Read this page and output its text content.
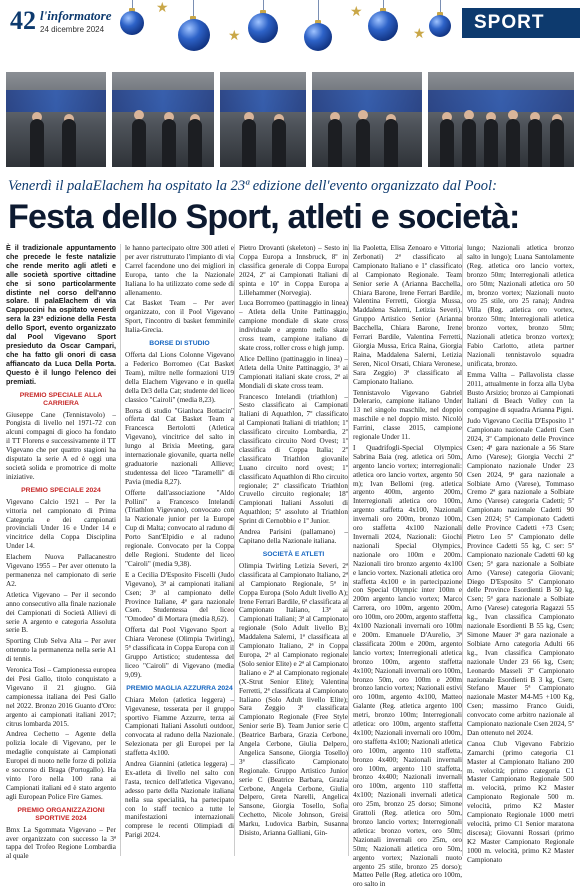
42 l'informatore
24 dicembre 2024
★
★
★
★
SPORT
Venerdì il palaElachem ha ospitato la 23ª edizione dell'evento organizzato dal Pool:
Festa dello Sport, atleti e società:

È il tradizionale appuntamento che precede le feste natalizie che rende merito agli atleti e alle società sportive cittadine che si sono particolarmente distinte nel corso dell'anno solare. Il palaElachem di via Cappuccini ha ospitato venerdì sera la 23ª edizione della Festa dello Sport, evento organizzato dal Pool Vigevano Sport presieduto da Oscar Campari, che ha fatto gli onori di casa affiancato da Luca Della Porta. Questo è il lungo l'elenco dei premiati.

PREMIO SPECIALE ALLA CARRIERA

Giuseppe Cane (Tennistavolo) – Pongista di livello nel 1971-72 con alcuni compagni di gioco ha fondato il TT Florens e successivamente il TT Vigevano che per quattro stagioni ha disputato la serie A ed è oggi una società solida e promotrice di molte iniziative.

PREMIO SPECIALE 2024

Vigevano Calcio 1921 – Per la vittoria nel campionato di Prima Categoria e dei campionati provinciali Under 16 e Under 14 e vincitrice della Coppa Disciplina Under 14.

Elachem Nuova Pallacanestro Vigevano 1955 – Per aver ottenuto la permanenza nel campionato di serie A2.

Atletica Vigevano – Per il secondo anno consecutivo alla finale nazionale dei Campionati di Società Allievi di serie A argento e categoria Assoluta serie B.

Sporting Club Selva Alta – Per aver ottenuto la permanenza nella serie A1 di tennis.

Veronica Tosi – Campionessa europea dei Pesi Gallo, titolo conquistato a Vigevano il 21 giugno. Già campionessa italiana dei Pesi Gallo nel 2022. Bronzo 2016 Guanto d'Oro: argento ai campionati italiani 2017; citrus lombarda 2015.

Andrea Cechetto – Agente della polizia locale di Vigevano, per le medaglie conquistate ai Campionati Europei di nuoto nelle forze di polizia e soccorso di Braga (Portogallo). Ha vinto l'oro nella 100 rana ai Campionati italiani ed è stato argento agli European Police Fire Games.

PREMIO ORGANIZZAZIONI SPORTIVE 2024

Bmx La Sgommata Vigevano – Per aver organizzato con successo la 3ª tappa del Trofeo Regione Lombardia al quale

le hanno partecipato oltre 300 atleti e per aver ristrutturato l'impianto di via Carrel facendone uno dei migliori in Europa, tanto che la Nazionale Italiana lo ha utilizzato come sede di allenamento.

Cat Basket Team – Per aver organizzato, con il Pool Vigevano Sport, l'incontro di basket femminile Italia-Grecia.

BORSE DI STUDIO

Offerta dal Lions Colonne Vigevano a Federico Borromeo (Cat Basket Team), miltre nelle formazioni U19 della Elachem Vigevano e in quella della Dr3 della Cat; studente del liceo classico "Cairoli" (media 8,23).

Borsa di studio "Gianluca Bottacin" offerta dal Cat Basket Team a Francesca Bertolotti (Atletica Vigevano), vincitrice del salto in lungo al Brixia Meeting, gara internazionale giovanile, quarta nelle graduatorie nazionali Allieve; studentessa del liceo "Taramelli" di Pavia (media 8,27).

Offerte dall'associazione "Aldo Pollini" a Francesco Intelandi (Triathlon Vigevano), convocato con la Nazionale junior per la Europe Cup di Malta; convocato al raduno di Porto Sant'Elpidio e al raduno regionale. Convocato per la Coppa delle Regioni. Studente del liceo "Cairoli" (media 9,38).

E a Cecilia D'Esposito Fiscelli (Judo Vigevano), 3ª ai campionati italiani Csen; 3ª al campionato delle Province Italiane, 4ª gara nazionale Csen. Studentessa del liceo "Omodeo" di Mortara (media 8,62).

Offerta dal Pool Vigevano Sport a Chiara Veronese (Olimpia Twirling), 5ª classificata in Coppa Europa con il Gruppo Artistico; studentessa del liceo "Cairoli" di Vigevano (media 9,09).

PREMIO MAGLIA AZZURRA 2024

Chiara Melon (atletica leggera) – Vigevanese, tesserata per il gruppo sportivo Fiamme Azzurre, terza ai Campionati Italiani Assoluti outdoor, convocata al raduno della Nazionale. Selezionata per gli Europei per la staffetta 4x100.

Andrea Giannini (atletica leggera) – Ex-atleta di livello nel salto con l'asta, tecnico dell'atletica Vigevano, adesso parte della Nazionale italiana nella sua specialità, ha partecipato con lo staff tecnico a tutte le manifestazioni internazionali comprese le recenti Olimpiadi di Parigi 2024.

Pietro Drovanti (skeleton) – Sesto in Coppa Europa a Innsbruck, 8º in classifica generale di Coppa Europa 2024, 2º ai Campionati Italiani di spinta e 10º in Coppa Europa a Lillehammer (Norvegia).

Luca Borromeo (pattinaggio in linea) – Atleta della Unite Pattinaggio, campione mondiale di skate cross individuale e argento nello skate cross team, campione italiano di skate cross, roller cross e high jump.

Alice Dellino (pattinaggio in linea) – Atleta della Unite Pattinaggio, 3ª ai Campionati italiani skate cross, 2ª ai Mondiali di skate cross team.

Francesco Intelandi (triathlon) – Sesto classificato ai Campionati Italiani di Aquathlon, 7º classificato al Campionati Italiani di triathlon; 1º classificato circuito Lombardia, 2º classificato circuito Nord Ovest; 1º classifica di Coppa Italia; 2º classificato Triathlon giovanile Luano circuito nord ovest; 1º classificato Aquathlon di Rho circuito regionale; 2º classificato Triathlon Cruvello circuito regionale; 18º Campionati Italiani Assoluti di Aquathlon; 5º assoluto al Triathlon Sprint di Cernobbio e 1º Junior.

Andrea Parisini (pallamano) – Capitano della Nazionale italiana.

SOCIETÀ E ATLETI

Olimpia Twirling Letizia Severi, 2ª classificata al Campionato Italiano, 2ª al Campionato Regionale, 5ª in Coppa Europa (Solo Adult livello A); Irene Ferrari Bardile, 6ª classificata al Campionato Italiano, 13ª ai Campionati Italiani; 3ª al Campionato regionale (Solo Adult livello B); Maddalena Salerni, 1ª classificata al Campionato Italiano, 2ª in Coppa Europa, 2ª al Campionato regionale (Solo senior Elite) e 2ª al Campionato Italiano e 2ª al Campionato regionale (X-Strut Senior Elite); Valentina Ferretti, 2ª classificata al Campionato Italiano (Solo Adult livello Elite); Sara Zeggio 3ª classificata Campionato Regionale (Free Style Senior serie B). Team Junior serie C (Beatrice Barbara, Grazia Cerbone, Angela Cerbone, Giulia Delpero, Angelica Sansone, Giorgia Tosello) 3ª classificato Campionato Regionale. Gruppo Artistico Junior serie C (Beatrice Barbara, Grazia Cerbone, Angela Cerbone, Giulia Delpero, Greta Narelli, Angelica Sansone, Giorgia Tosello, Sofia Cechetto, Nicole Johnson, Greisi Marku, Ludovica Barbin, Susanna Disisto, Arianna Galliani, Gin-

lia Paoletta, Elisa Zenoaro e Vittoria Zerbonati) 2ª classificato al Campionato Italiano e 1º classificato al Campionato Regionale. Team Senior serie A (Arianna Bacchella, Chiara Barone, Irene Ferrari Bardile, Valentina Ferretti, Giorgia Mussa, Maddalena Salerni, Letizia Severi). Gruppo Artistico Senior (Arianna Bacchella, Chiara Barone, Irene Ferrari Bardile, Valentina Ferretti, Giorgia Mussa, Erica Raina, Giorgia Raina, Maddalena Salerni, Letizia Seren, Nicol Orsati, Chiara Veronese, Sara Zeggio) 3ª classificato al Campionato Italiano.

Tennistavolo Vigevano Gabriel Delerario, campione italiano Under 13 nel singolo maschile, nel doppio maschile e nel doppio misto. Nicolò Farrini, classe 2015, campione regionale Under 11.

I Quadrifogli-Special Olympics Sabrina Baia (reg. atletica ori 50m, argento lancio vortex; interregionali: atletica oro lancio vortex, argento 50 m); Ivan Bellomi (reg. atletica argento 400m, argento 200m, Interregionali atletica oro 100m, argento staffetta 4x100, Nazionali invernali oro 200m, bronzo 100m, oro staffetta 4x100 Nazionali Invernali 2024, Nazionali: Giochi nazionali Special Olympics, nazionale oro 100m e 200m. Nazionali tiro bronzo argento 4x100 e lancio vortex. Nazionali atletica oro staffetta 4x100 e in partecipazione con Special Olympic inter 100m e 200m argento lancio vortex; Marco Carrera, oro 100m, argento 200m, oro 100m, oro 200m, argento staffetta 4x100 Nazionali invernali oro 100m e 200m. Emanuele D'Aurelio, 3ª classificata 200m e 200m, argento lancio vortex; Interregionali atletica bronzo 100m, argento staffetta 4x100; Nazionali invernali oro 100m, bronzo 50m, oro 100m e 200m bronzo lancio vortex; Nazionali estivi oro 100m, argento 4x100, Matteo Galante (Reg. atletica argento 100 metri, bronzo 100m; Interregionali atletica: oro 100m, argento staffetta 4x100; Nazionali invernali oro 100m, oro staffetta 4x100; Nazionali atletica oro 100m, argento 110 staffetta, bronzo 4x400; Nazionali invernali oro 100m, argento 110 staffetta, bronzo 4x400; Nazionali invernali oro 100m, argento 110 staffetta 4x100; Nazionali invernali atletica oro 25m, bronzo 25 dorso; Simone Grattoli (Reg. atletica oro 50m, bronzo lancio vortex; Interregionali atletica: bronzo vortex, oro 50m; Nazionali invernali oro 25m, oro 50m; Nazionali atletica oro 50m, argento vortex; Nazionali nuoto argento 25 stile, bronzo 25 dorso); Matteo Pelle (Reg. atletica oro 100m, oro salto in

lungo; Nazionali atletica bronzo salto in lungo); Luana Santolamente (Reg. atletica oro lancio vortex, bronzo 50m; Interregionali atletica oro 50m; Nazionali atletica oro 50 m, bronzo vortex; Nazionali nuoto oro 25 stile, oro 25 rana); Andrea Villa (Reg. atletica oro vortex, bronzo 50m; Interregionali atletica bronzo vortex, bronzo 50m; Nazionali atletica bronzo vortex); Fabio Carlotto, atleta partner Nazionali tennistavolo squadra unificata, bronzo.

Emma Vallta – Pallavolista classe 2011, attualmente in forza alla Uyba Busto Arsizio; bronzo ai Campionati Italiani di Beach Volley con la compagine di squadra Arianna Pigni.

Judo Vigevano Cecilia D'Esposito 1º Campionato nazionale Cadetti Csen 2024, 3º Campionato delle Province Csen; 4ª gara nazionale a 56 Stare Arno (Varese); Giorgia Vecchi 2º Campionato nazionale Under 23 Csen 2024, 9ª gara nazionale a Solbiate Arno (Varese), Tommaso Cremo 2ª gara nazionale a Solbiate Arno (Varese) categoria Cadetti; 5º Campionato nazionale Cadetti 90 Csen 2024; 5º Campionato Cadetti delle Province Cadetti +73 Csen; Pietro Leo 5º Campionato delle Province Cadetti 55 kg, C ser: 5º Campionato nazionale Cadetti 60 kg Csen; 5ª gara nazionale a Solbiate Arno (Varese) categoria Giovani; Diego D'Esposito 5º Campionato delle Province Esordienti B 50 kg, Csen; 5ª gara nazionale a Solbiate Arno (Varese) categoria Ragazzi 55 kg., Ivan classifica Campionato nazionale Esordienti B 55 kg, Csen; Simone Mauer 3ª gara nazionale a Solbiate Arno categoria Adulti 66 kg., Ivan classifica Campionato nazionale Under 23 66 kg, Csen; Leonardo Masseli 3º Campionato nazionale Esordienti B 3 kg, Csen; Stefano Mauer 5ª Campionato nazionale Master M4-M5 +100 Kg, Csen; massimo Franco Guidi, convocato come arbitro nazionale al Campionato nazionale Csen 2024, 5º Dan ottenuto nel 2024.

Canoa Club Vigevano Fabrizio Zamarchi (primo categoria C1 Master al Campionato Italiano 200 m. velocità; primo categoria C1 Master Campionato Regionale 500 m. velocità, primo K2 Master Campionato Regionale 500 m. velocità, primo K2 Master Campionato Regionale 1000 metri velocità, primo C1 Senior maratona discesa); Giovanni Rossari (primo K2 Master Campionato Regionale 1000 m. velocità, primo K2 Master Campionato
